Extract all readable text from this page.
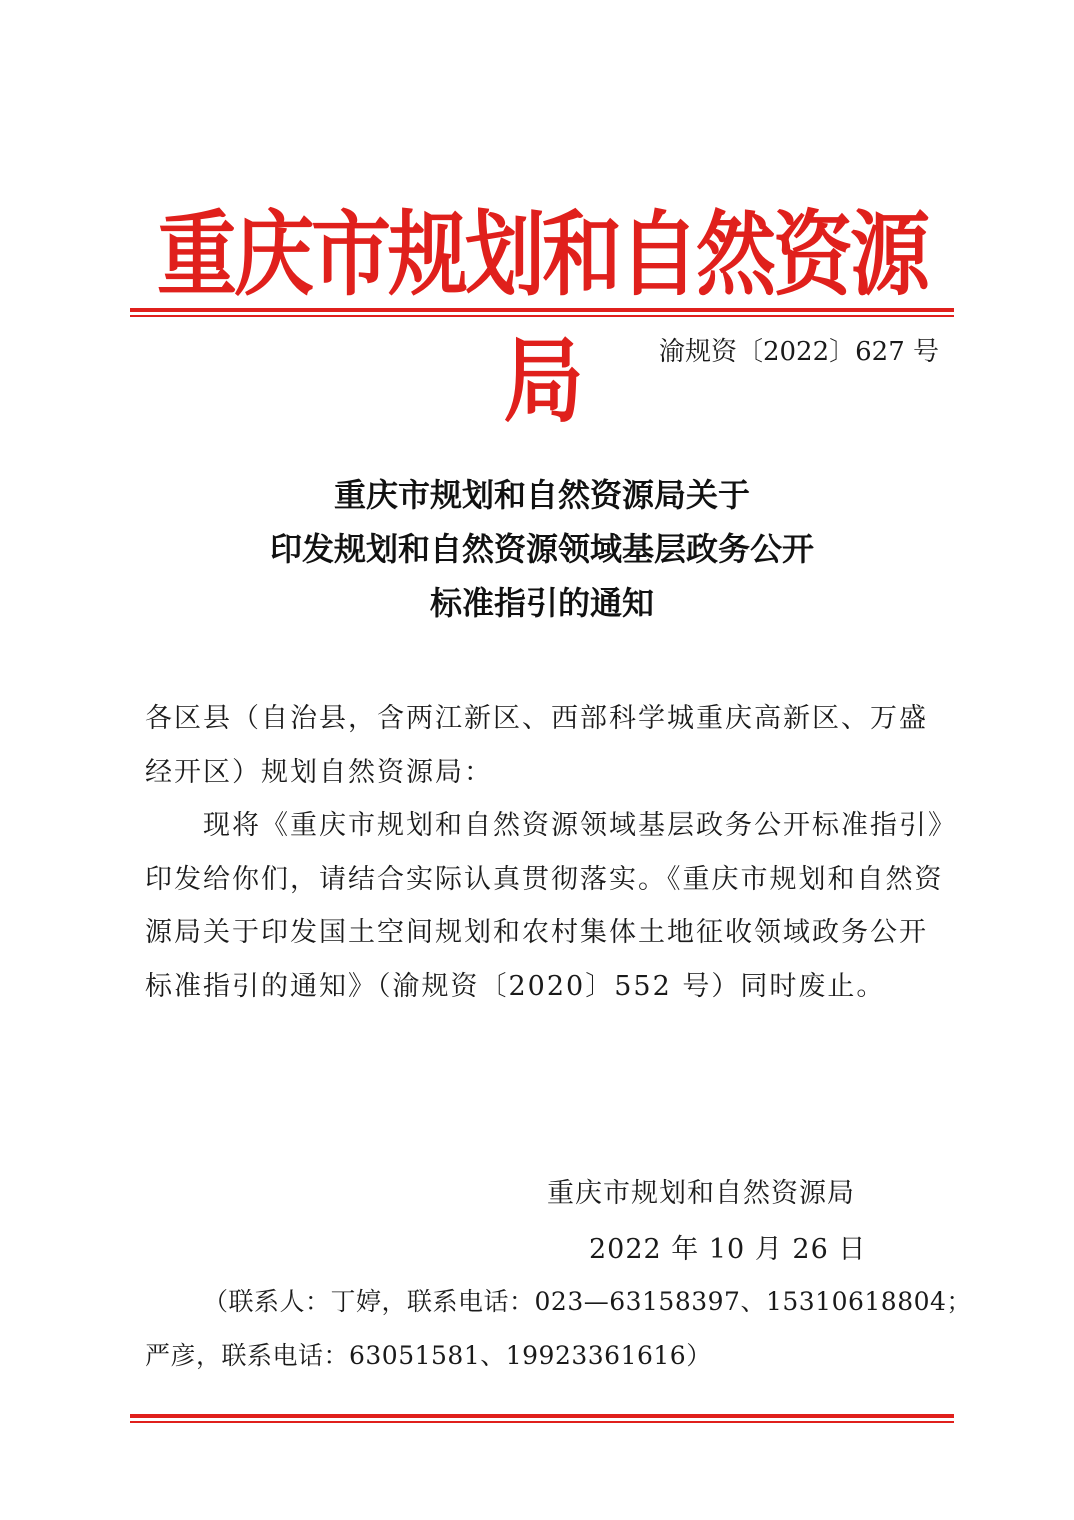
重庆市规划和自然资源局	渝规资〔2022〕627 号
重庆市规划和自然资源局关于
印发规划和自然资源领域基层政务公开
标准指引的通知

各区县（自治县，含两江新区、西部科学城重庆高新区、万盛经开区）规划自然资源局：

现将《重庆市规划和自然资源领域基层政务公开标准指引》印发给你们，请结合实际认真贯彻落实。《重庆市规划和自然资源局关于印发国土空间规划和农村集体土地征收领域政务公开标准指引的通知》（渝规资〔2020〕552 号）同时废止。

重庆市规划和自然资源局
2022 年 10 月 26 日

（联系人：丁婷，联系电话：023—63158397、15310618804；

严彦，联系电话：63051581、19923361616）
